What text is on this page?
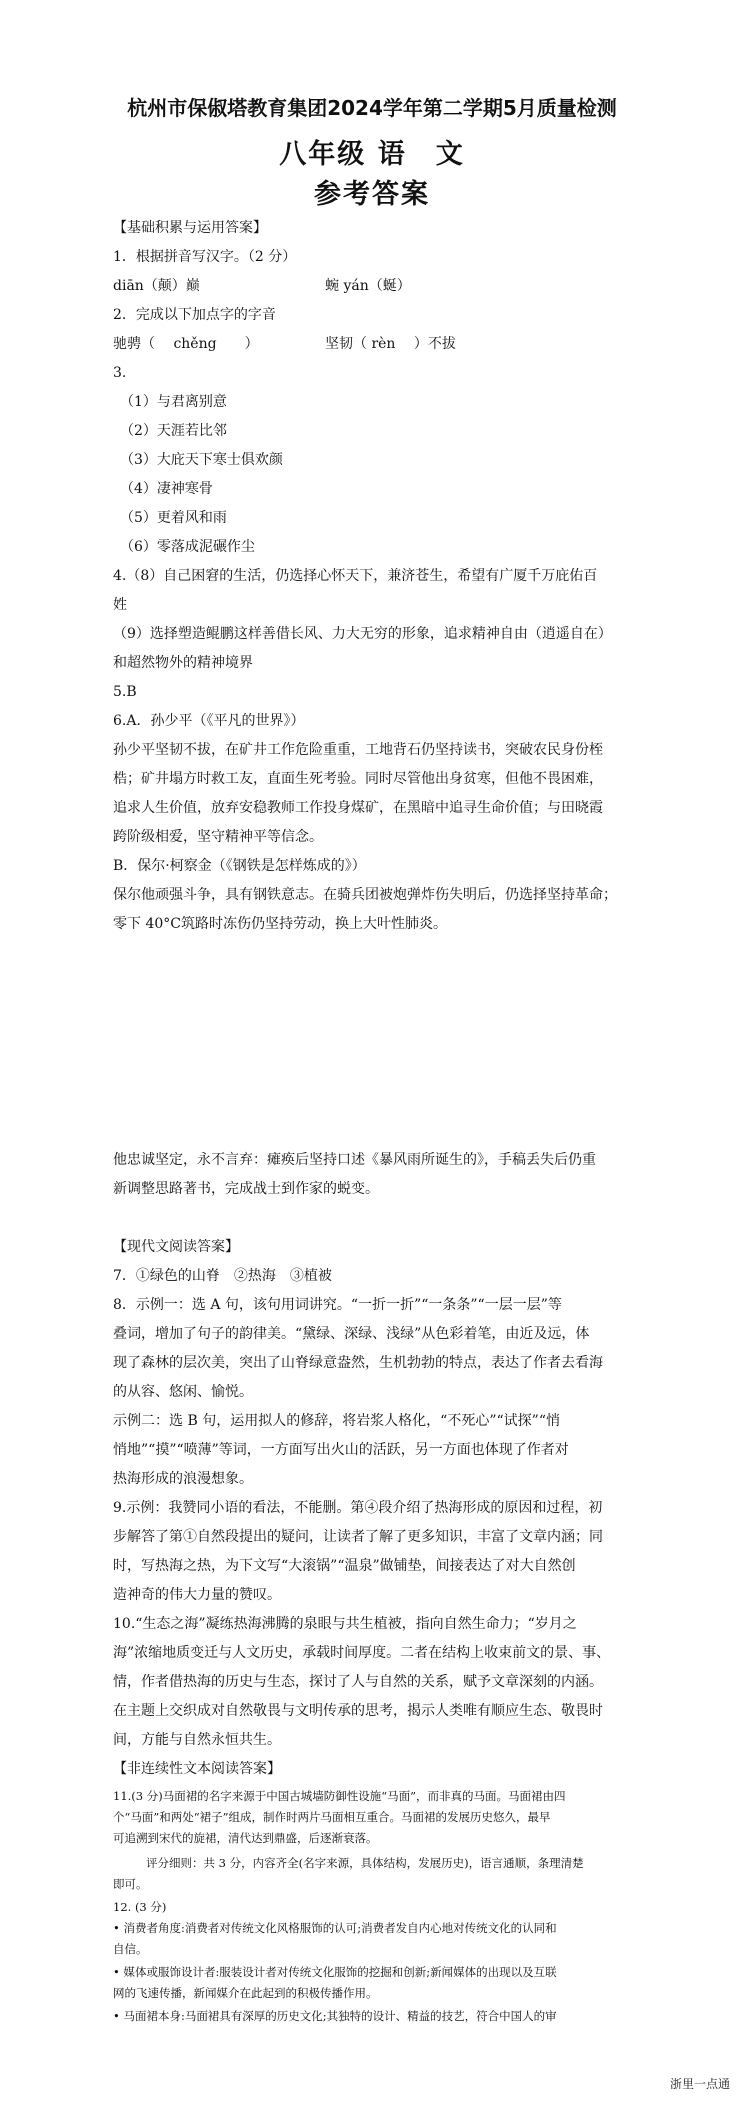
杭州市保俶塔教育集团2024学年第二学期5月质量检测
八年级 语　文
参考答案
【基础积累与运用答案】
1．根据拼音写汉字。（2 分）
diān（颠）巅	蜿 yán（蜒）
2．完成以下加点字的字音
驰骋（　 chěng　　）	坚韧（ rèn　 ）不拔
3.
（1）与君离别意
（2）天涯若比邻
（3）大庇天下寒士俱欢颜
（4）凄神寒骨
（5）更着风和雨
（6）零落成泥碾作尘
4.（8）自己困窘的生活，仍选择心怀天下，兼济苍生，希望有广厦千万庇佑百
姓
（9）选择塑造鲲鹏这样善借长风、力大无穷的形象，追求精神自由（逍遥自在）
和超然物外的精神境界
5.B
6.A．孙少平（《平凡的世界》）
孙少平坚韧不拔，在矿井工作危险重重，工地背石仍坚持读书，突破农民身份桎
梏；矿井塌方时救工友，直面生死考验。同时尽管他出身贫寒，但他不畏困难，
追求人生价值，放弃安稳教师工作投身煤矿，在黑暗中追寻生命价值；与田晓霞
跨阶级相爱，坚守精神平等信念。
B．保尔·柯察金（《钢铁是怎样炼成的》）
保尔他顽强斗争，具有钢铁意志。在骑兵团被炮弹炸伤失明后，仍选择坚持革命；
零下 40°C筑路时冻伤仍坚持劳动，换上大叶性肺炎。
他忠诚坚定，永不言弃：瘫痪后坚持口述《暴风雨所诞生的》，手稿丢失后仍重
新调整思路著书，完成战士到作家的蜕变。
【现代文阅读答案】
7．①绿色的山脊　②热海　③植被
8．示例一：选 A 句，该句用词讲究。“一折一折”“一条条”“一层一层”等
叠词，增加了句子的韵律美。“黛绿、深绿、浅绿”从色彩着笔，由近及远，体
现了森林的层次美，突出了山脊绿意盎然，生机勃勃的特点，表达了作者去看海
的从容、悠闲、愉悦。
示例二：选 B 句，运用拟人的修辞，将岩浆人格化，“不死心”“试探”“悄
悄地”“摸”“喷薄”等词，一方面写出火山的活跃，另一方面也体现了作者对
热海形成的浪漫想象。
9.示例：我赞同小语的看法，不能删。第④段介绍了热海形成的原因和过程，初
步解答了第①自然段提出的疑问，让读者了解了更多知识，丰富了文章内涵；同
时，写热海之热，为下文写“大滚锅”“温泉”做铺垫，间接表达了对大自然创
造神奇的伟大力量的赞叹。
10.“生态之海”凝练热海沸腾的泉眼与共生植被，指向自然生命力；“岁月之
海”浓缩地质变迁与人文历史，承载时间厚度。二者在结构上收束前文的景、事、
情，作者借热海的历史与生态，探讨了人与自然的关系，赋予文章深刻的内涵。
在主题上交织成对自然敬畏与文明传承的思考，揭示人类唯有顺应生态、敬畏时
间，方能与自然永恒共生。
【非连续性文本阅读答案】
11.(3 分)马面裙的名字来源于中国古城墙防御性设施“马面”，而非真的马面。马面裙由四
个“马面”和两处“裙子”组成，制作时两片马面相互重合。马面裙的发展历史悠久，最早
可追溯到宋代的旋裙，清代达到鼎盛，后逐渐衰落。
评分细则：共 3 分，内容齐全(名字来源，具体结构，发展历史)，语言通顺，条理清楚
即可。
12. (3 分)
• 消费者角度:消费者对传统文化风格服饰的认可;消费者发自内心地对传统文化的认同和
自信。
• 媒体或服饰设计者:服装设计者对传统文化服饰的挖掘和创新;新闻媒体的出现以及互联
网的飞速传播，新闻媒介在此起到的积极传播作用。
• 马面裙本身:马面裙具有深厚的历史文化;其独特的设计、精益的技艺，符合中国人的审
浙里一点通
